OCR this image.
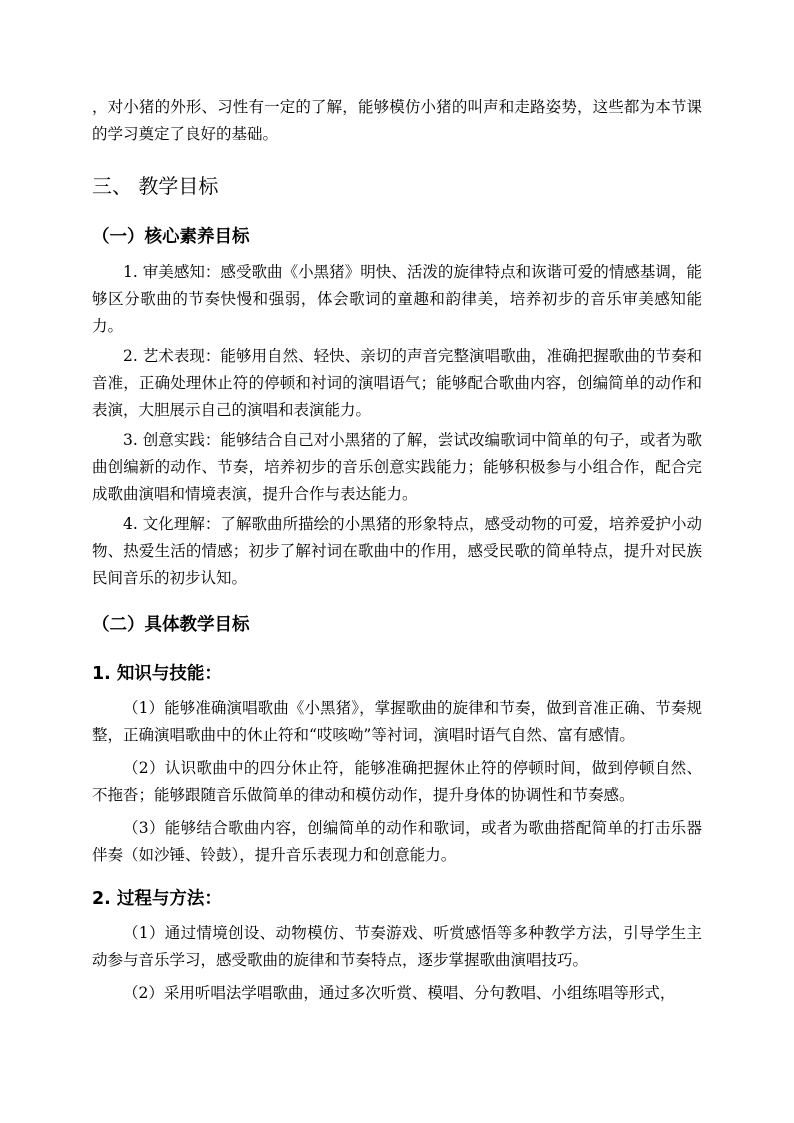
，对小猪的外形、习性有一定的了解，能够模仿小猪的叫声和走路姿势，这些都为本节课的学习奠定了良好的基础。

三、 教学目标
（一）核心素养目标

1. 审美感知：感受歌曲《小黑猪》明快、活泼的旋律特点和诙谐可爱的情感基调，能够区分歌曲的节奏快慢和强弱，体会歌词的童趣和韵律美，培养初步的音乐审美感知能力。

2. 艺术表现：能够用自然、轻快、亲切的声音完整演唱歌曲，准确把握歌曲的节奏和音准，正确处理休止符的停顿和衬词的演唱语气；能够配合歌曲内容，创编简单的动作和表演，大胆展示自己的演唱和表演能力。

3. 创意实践：能够结合自己对小黑猪的了解，尝试改编歌词中简单的句子，或者为歌曲创编新的动作、节奏，培养初步的音乐创意实践能力；能够积极参与小组合作，配合完成歌曲演唱和情境表演，提升合作与表达能力。

4. 文化理解：了解歌曲所描绘的小黑猪的形象特点，感受动物的可爱，培养爱护小动物、热爱生活的情感；初步了解衬词在歌曲中的作用，感受民歌的简单特点，提升对民族民间音乐的初步认知。

（二）具体教学目标
1. 知识与技能：

（1）能够准确演唱歌曲《小黑猪》，掌握歌曲的旋律和节奏，做到音准正确、节奏规整，正确演唱歌曲中的休止符和“哎咳呦”等衬词，演唱时语气自然、富有感情。

（2）认识歌曲中的四分休止符，能够准确把握休止符的停顿时间，做到停顿自然、不拖沓；能够跟随音乐做简单的律动和模仿动作，提升身体的协调性和节奏感。

（3）能够结合歌曲内容，创编简单的动作和歌词，或者为歌曲搭配简单的打击乐器伴奏（如沙锤、铃鼓），提升音乐表现力和创意能力。

2. 过程与方法：

（1）通过情境创设、动物模仿、节奏游戏、听赏感悟等多种教学方法，引导学生主动参与音乐学习，感受歌曲的旋律和节奏特点，逐步掌握歌曲演唱技巧。

（2）采用听唱法学唱歌曲，通过多次听赏、模唱、分句教唱、小组练唱等形式，
